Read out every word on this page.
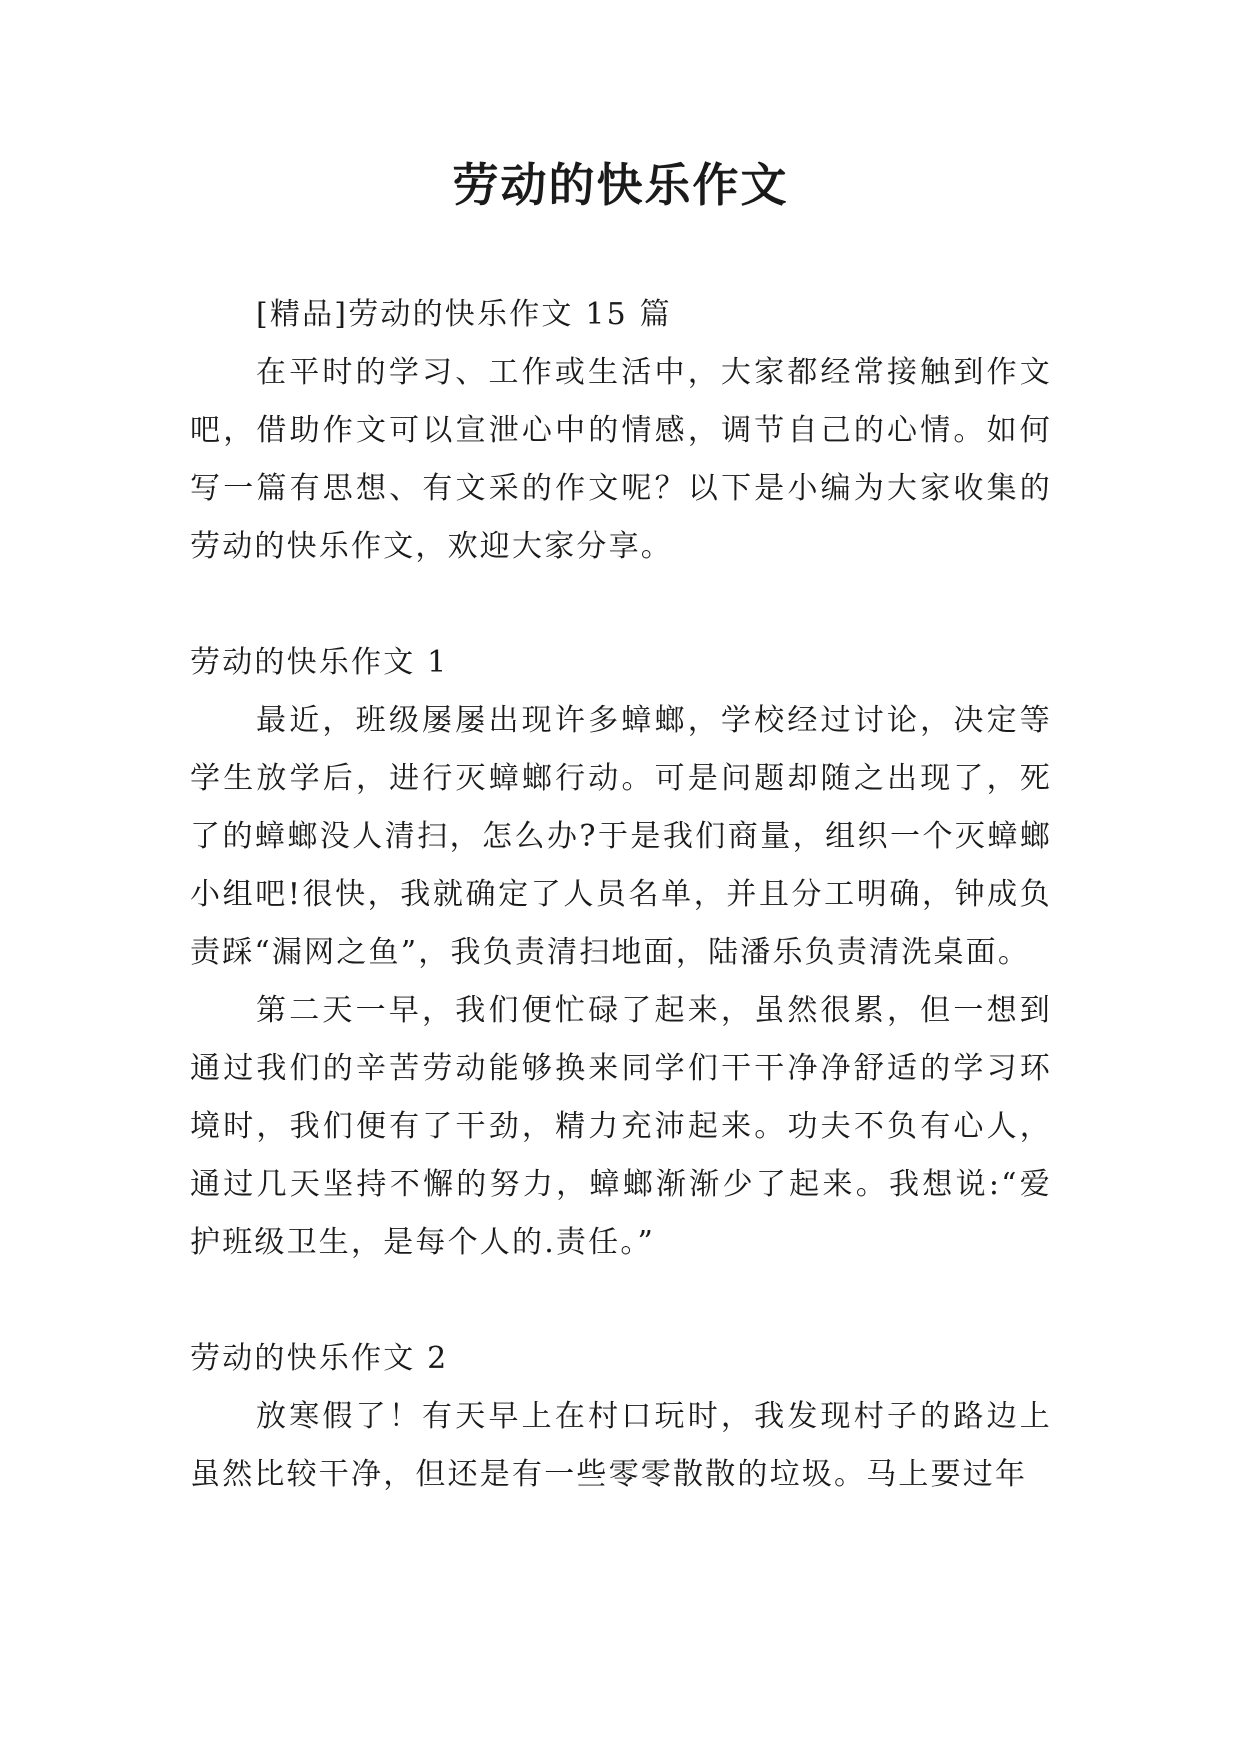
劳动的快乐作文

[精品]劳动的快乐作文 15 篇

在平时的学习、工作或生活中，大家都经常接触到作文吧，借助作文可以宣泄心中的情感，调节自己的心情。如何写一篇有思想、有文采的作文呢？以下是小编为大家收集的劳动的快乐作文，欢迎大家分享。

劳动的快乐作文 1

最近，班级屡屡出现许多蟑螂，学校经过讨论，决定等学生放学后，进行灭蟑螂行动。可是问题却随之出现了，死了的蟑螂没人清扫，怎么办?于是我们商量，组织一个灭蟑螂小组吧!很快，我就确定了人员名单，并且分工明确，钟成负责踩“漏网之鱼”，我负责清扫地面，陆潘乐负责清洗桌面。

第二天一早，我们便忙碌了起来，虽然很累，但一想到通过我们的辛苦劳动能够换来同学们干干净净舒适的学习环境时，我们便有了干劲，精力充沛起来。功夫不负有心人，通过几天坚持不懈的努力，蟑螂渐渐少了起来。我想说:“爱护班级卫生，是每个人的.责任。”

劳动的快乐作文 2

放寒假了！有天早上在村口玩时，我发现村子的路边上虽然比较干净，但还是有一些零零散散的垃圾。马上要过年
